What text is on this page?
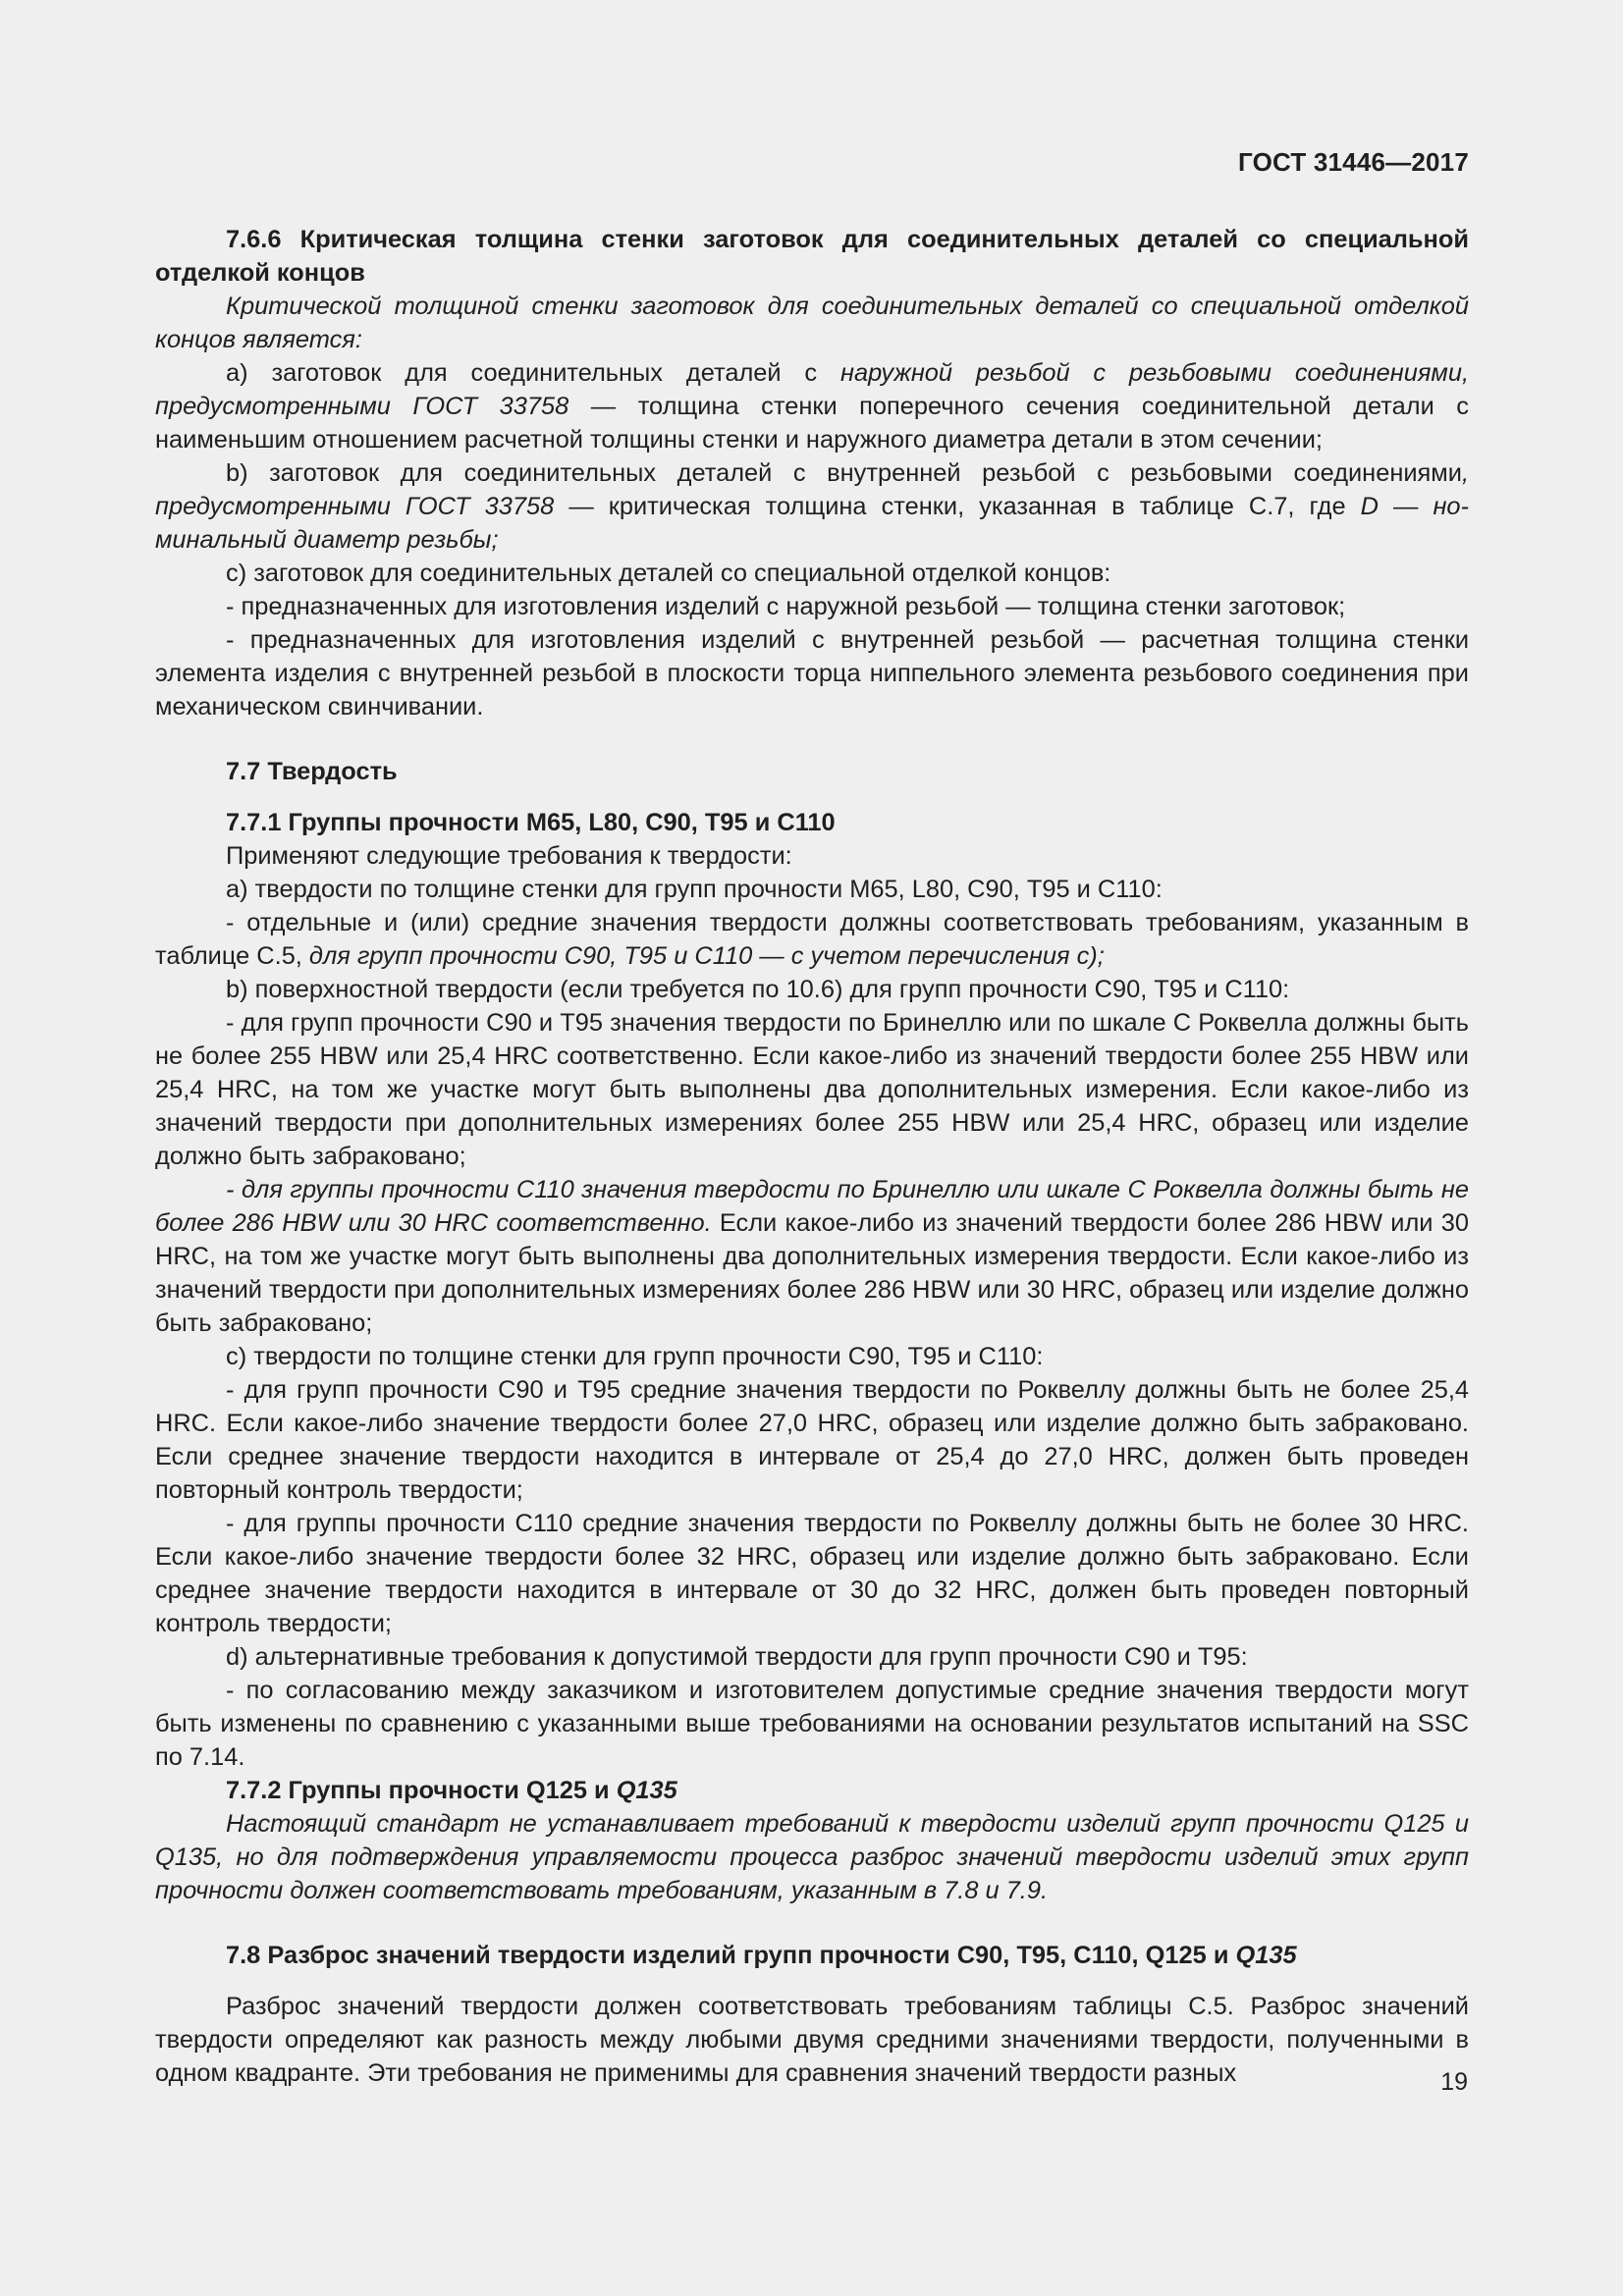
ГОСТ 31446—2017

7.6.6 Критическая толщина стенки заготовок для соединительных деталей со специальной отделкой концов

Критической толщиной стенки заготовок для соединительных деталей со специальной отделкой концов является:

a) заготовок для соединительных деталей с наружной резьбой с резьбовыми соединениями, предусмотренными ГОСТ 33758 — толщина стенки поперечного сечения соединительной детали с наименьшим отношением расчетной толщины стенки и наружного диаметра детали в этом сечении;

b) заготовок для соединительных деталей с внутренней резьбой с резьбовыми соединениями, предусмотренными ГОСТ 33758 — критическая толщина стенки, указанная в таблице С.7, где D — номинальный диаметр резьбы;

c) заготовок для соединительных деталей со специальной отделкой концов:

- предназначенных для изготовления изделий с наружной резьбой — толщина стенки заготовок;

- предназначенных для изготовления изделий с внутренней резьбой — расчетная толщина стенки элемента изделия с внутренней резьбой в плоскости торца ниппельного элемента резьбового соединения при механическом свинчивании.

7.7 Твердость

7.7.1 Группы прочности М65, L80, С90, Т95 и С110

Применяют следующие требования к твердости:

a) твердости по толщине стенки для групп прочности М65, L80, С90, Т95 и С110:

- отдельные и (или) средние значения твердости должны соответствовать требованиям, указанным в таблице С.5, для групп прочности С90, Т95 и С110 — с учетом перечисления с);

b) поверхностной твердости (если требуется по 10.6) для групп прочности С90, Т95 и С110:

- для групп прочности С90 и Т95 значения твердости по Бринеллю или по шкале С Роквелла должны быть не более 255 HBW или 25,4 HRC соответственно. Если какое-либо из значений твердости более 255 HBW или 25,4 HRC, на том же участке могут быть выполнены два дополнительных измерения. Если какое-либо из значений твердости при дополнительных измерениях более 255 HBW или 25,4 HRC, образец или изделие должно быть забраковано;

- для группы прочности С110 значения твердости по Бринеллю или шкале С Роквелла должны быть не более 286 HBW или 30 HRC соответственно. Если какое-либо из значений твердости более 286 HBW или 30 HRC, на том же участке могут быть выполнены два дополнительных измерения твердости. Если какое-либо из значений твердости при дополнительных измерениях более 286 HBW или 30 HRC, образец или изделие должно быть забраковано;

c) твердости по толщине стенки для групп прочности С90, Т95 и С110:

- для групп прочности С90 и Т95 средние значения твердости по Роквеллу должны быть не более 25,4 HRC. Если какое-либо значение твердости более 27,0 HRC, образец или изделие должно быть забраковано. Если среднее значение твердости находится в интервале от 25,4 до 27,0 HRC, должен быть проведен повторный контроль твердости;

- для группы прочности С110 средние значения твердости по Роквеллу должны быть не более 30 HRC. Если какое-либо значение твердости более 32 HRC, образец или изделие должно быть забраковано. Если среднее значение твердости находится в интервале от 30 до 32 HRC, должен быть проведен повторный контроль твердости;

d) альтернативные требования к допустимой твердости для групп прочности С90 и Т95:

- по согласованию между заказчиком и изготовителем допустимые средние значения твердости могут быть изменены по сравнению с указанными выше требованиями на основании результатов испытаний на SSC по 7.14.

7.7.2 Группы прочности Q125 и Q135

Настоящий стандарт не устанавливает требований к твердости изделий групп прочности Q125 и Q135, но для подтверждения управляемости процесса разброс значений твердости изделий этих групп прочности должен соответствовать требованиям, указанным в 7.8 и 7.9.

7.8 Разброс значений твердости изделий групп прочности С90, Т95, С110, Q125 и Q135

Разброс значений твердости должен соответствовать требованиям таблицы С.5. Разброс значений твердости определяют как разность между любыми двумя средними значениями твердости, полученными в одном квадранте. Эти требования не применимы для сравнения значений твердости разных	19
